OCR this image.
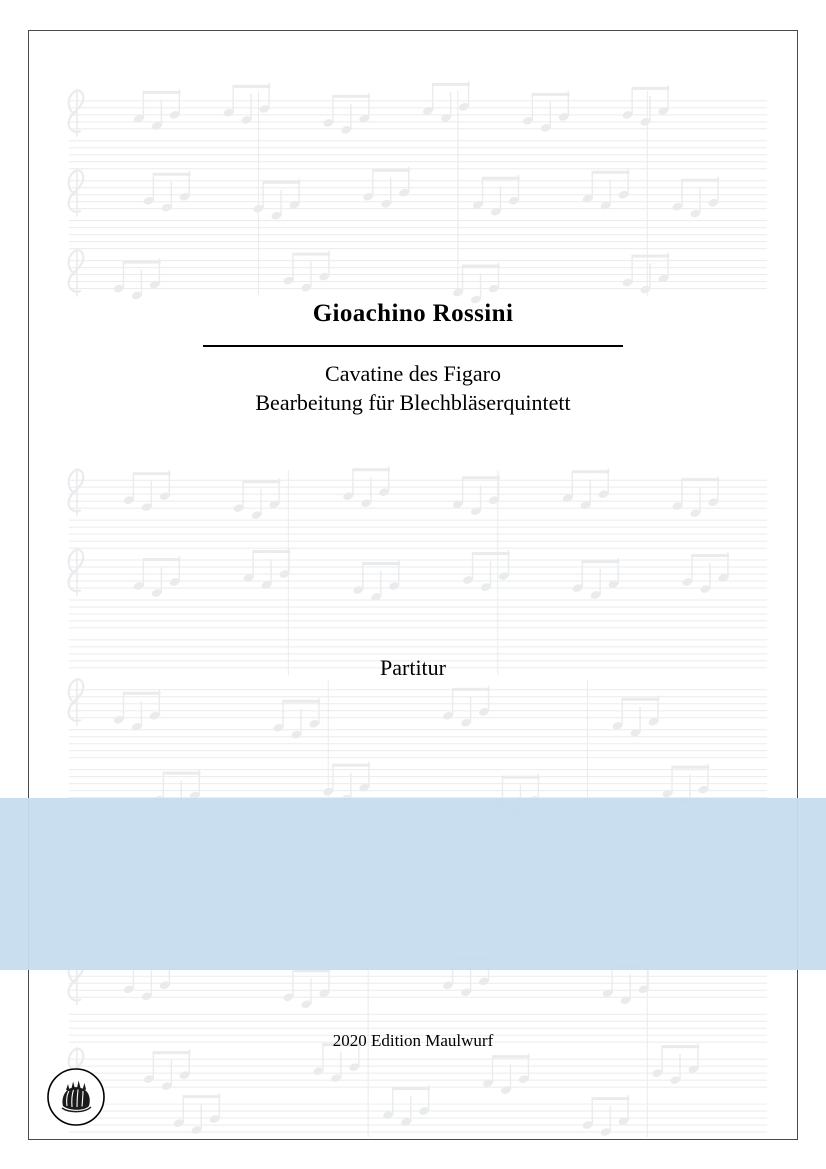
Gioachino Rossini
Cavatine des Figaro
Bearbeitung für Blechbläserquintett
Partitur
2020 Edition Maulwurf
